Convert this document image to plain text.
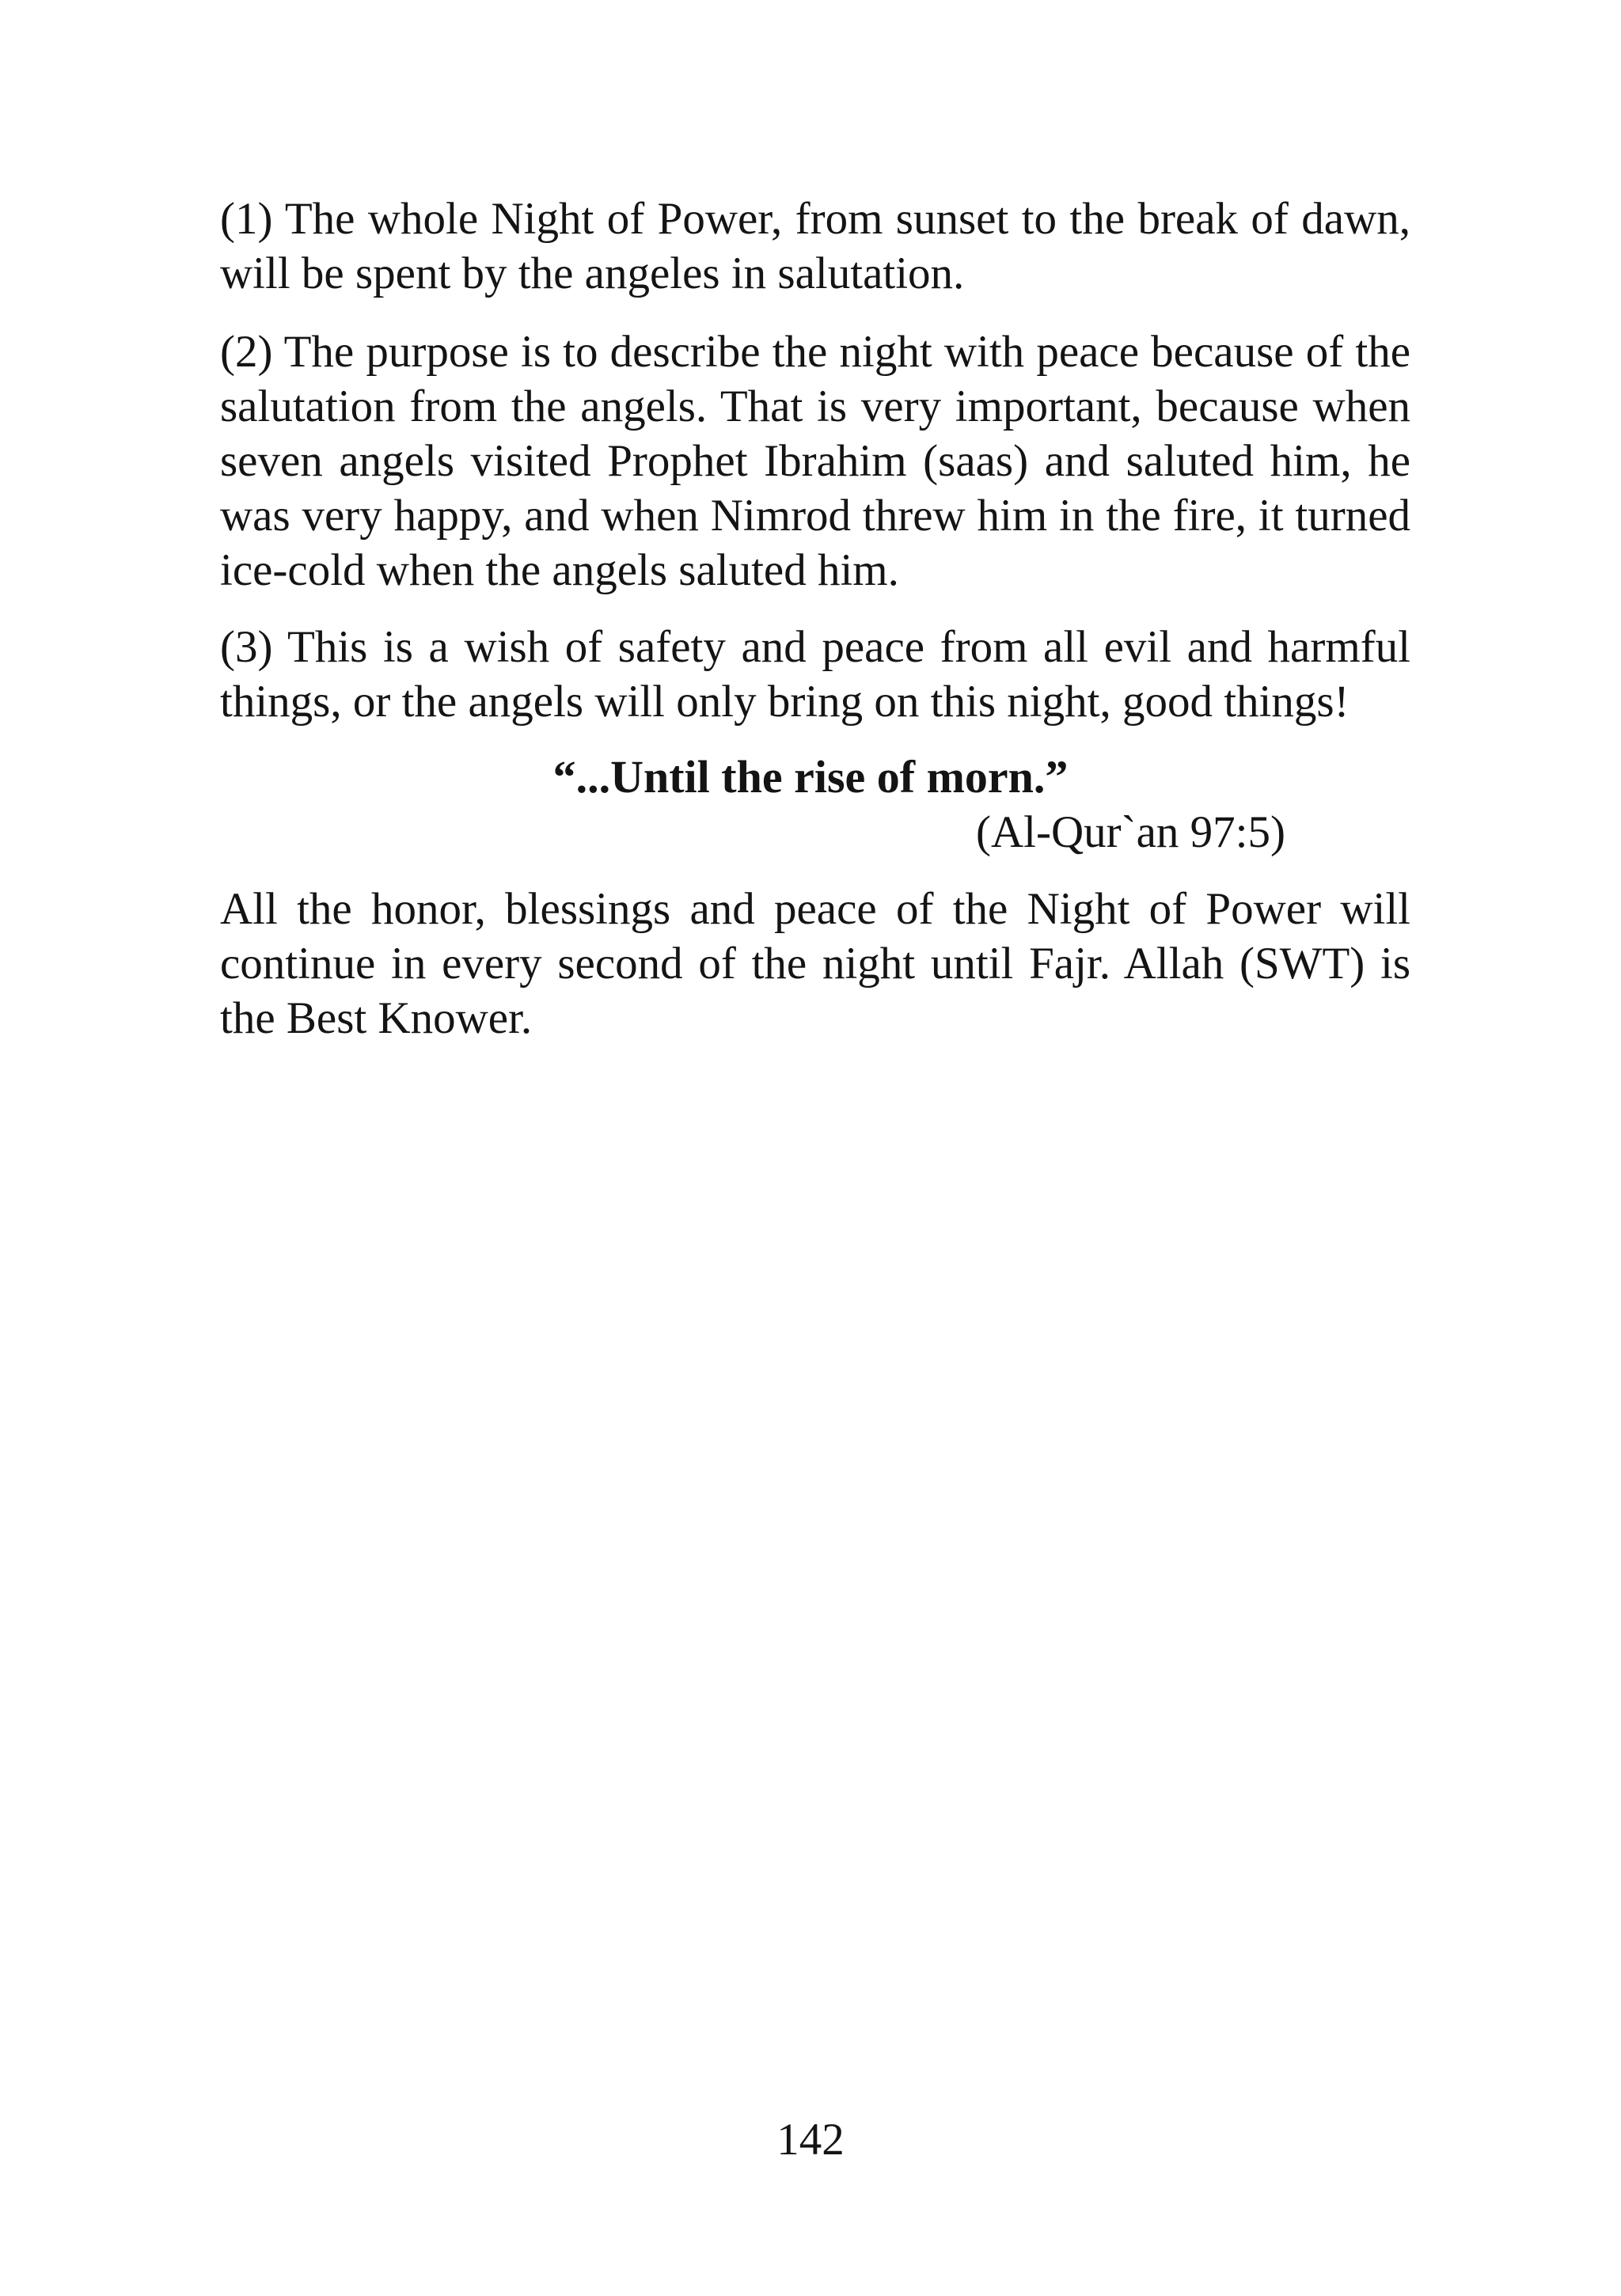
(1) The whole Night of Power, from sunset to the break of dawn, will be spent by the angeles in salutation.

(2) The purpose is to describe the night with peace because of the salutation from the angels. That is very important, because when seven angels visited Prophet Ibrahim (saas) and saluted him, he was very happy, and when Nimrod threw him in the fire, it turned ice-cold when the angels saluted him.

(3) This is a wish of safety and peace from all evil and harmful things, or the angels will only bring on this night, good things!

“...Until the rise of morn.”

(Al-Qur`an 97:5)

All the honor, blessings and peace of the Night of Power will continue in every second of the night until Fajr. Allah (SWT) is the Best Knower.

142
